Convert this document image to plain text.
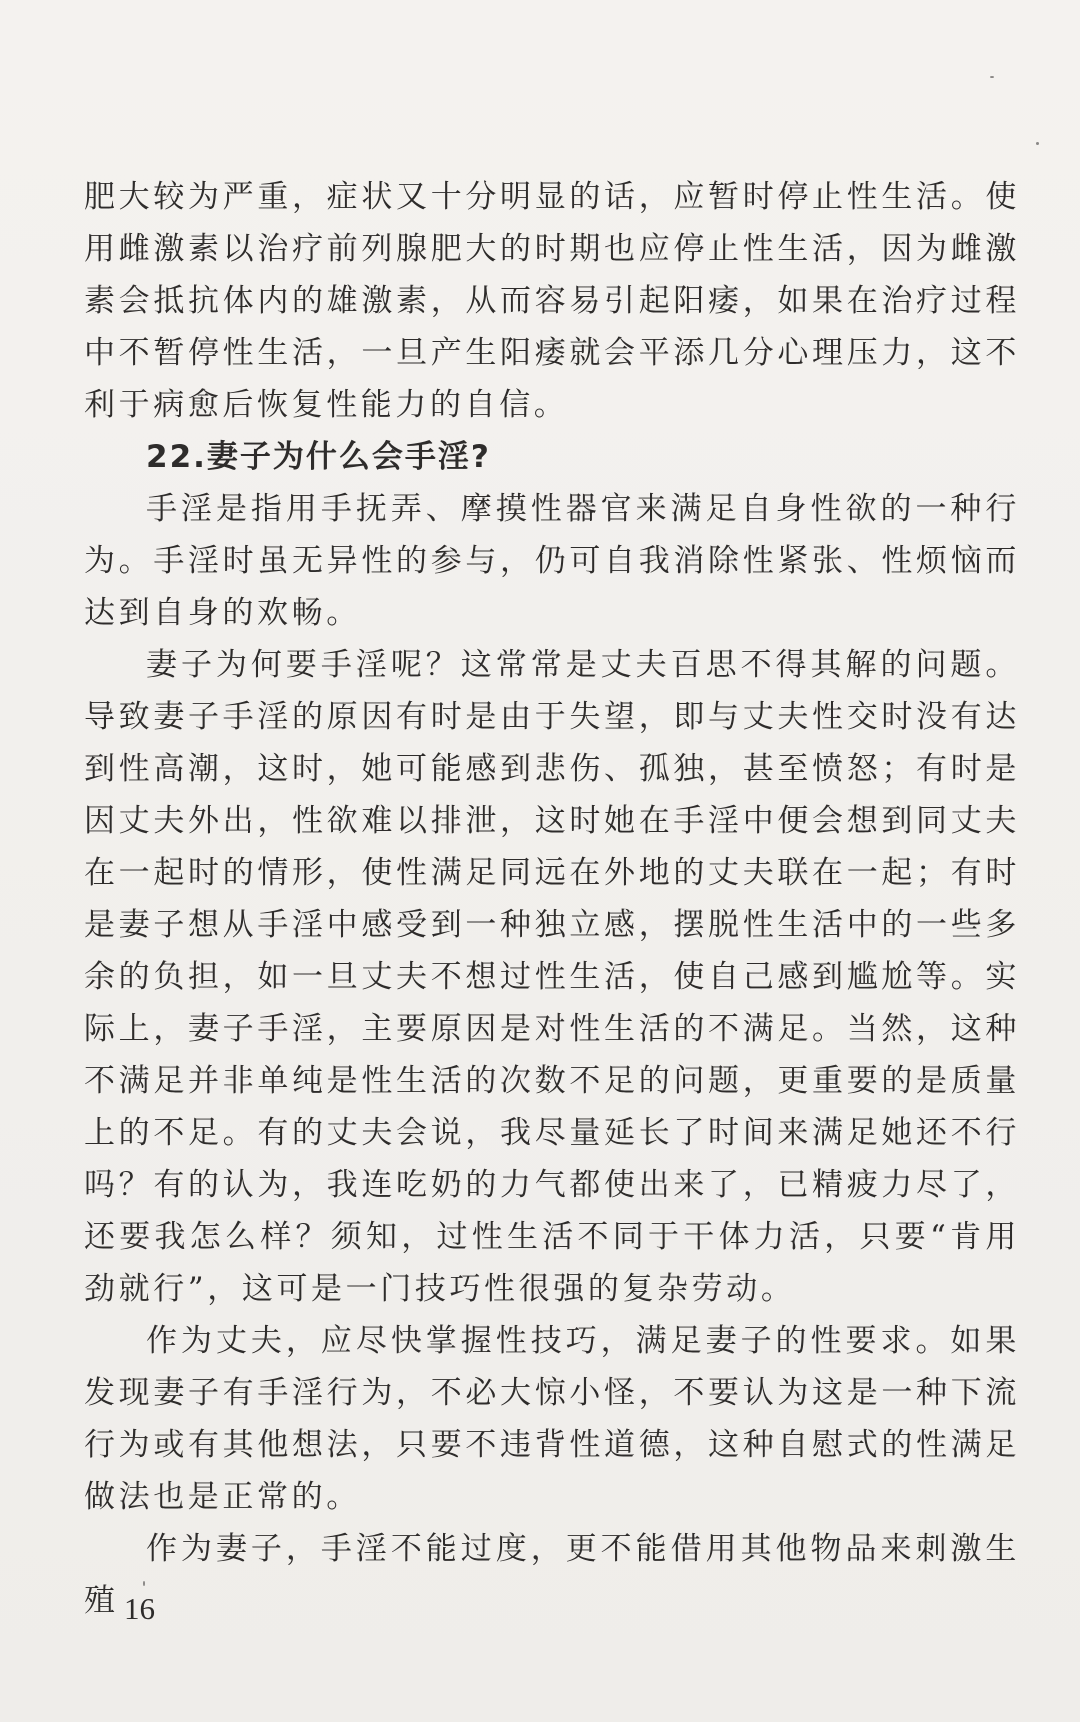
肥大较为严重，症状又十分明显的话，应暂时停止性生活。使用雌激素以治疗前列腺肥大的时期也应停止性生活，因为雌激素会抵抗体内的雄激素，从而容易引起阳痿，如果在治疗过程中不暂停性生活，一旦产生阳痿就会平添几分心理压力，这不利于病愈后恢复性能力的自信。

22.妻子为什么会手淫?

手淫是指用手抚弄、摩摸性器官来满足自身性欲的一种行为。手淫时虽无异性的参与，仍可自我消除性紧张、性烦恼而达到自身的欢畅。

妻子为何要手淫呢？这常常是丈夫百思不得其解的问题。导致妻子手淫的原因有时是由于失望，即与丈夫性交时没有达到性高潮，这时，她可能感到悲伤、孤独，甚至愤怒；有时是因丈夫外出，性欲难以排泄，这时她在手淫中便会想到同丈夫在一起时的情形，使性满足同远在外地的丈夫联在一起；有时是妻子想从手淫中感受到一种独立感，摆脱性生活中的一些多余的负担，如一旦丈夫不想过性生活，使自己感到尴尬等。实际上，妻子手淫，主要原因是对性生活的不满足。当然，这种不满足并非单纯是性生活的次数不足的问题，更重要的是质量上的不足。有的丈夫会说，我尽量延长了时间来满足她还不行吗？有的认为，我连吃奶的力气都使出来了，已精疲力尽了，还要我怎么样？须知，过性生活不同于干体力活，只要“肯用劲就行”，这可是一门技巧性很强的复杂劳动。

作为丈夫，应尽快掌握性技巧，满足妻子的性要求。如果发现妻子有手淫行为，不必大惊小怪，不要认为这是一种下流行为或有其他想法，只要不违背性道德，这种自慰式的性满足做法也是正常的。

作为妻子，手淫不能过度，更不能借用其他物品来刺激生殖 16
